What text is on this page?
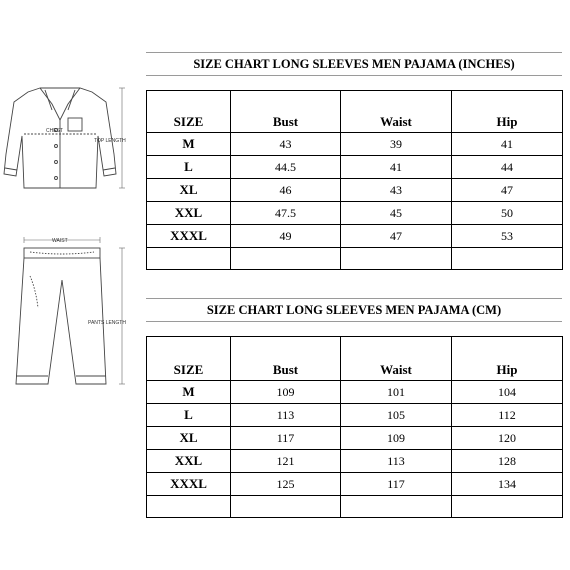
CHEST
TOP LENGTH
WAIST
PANTS LENGTH
SIZE CHART LONG SLEEVES MEN PAJAMA (INCHES)
SIZE	Bust	Waist	Hip
M	43	39	41
L	44.5	41	44
XL	46	43	47
XXL	47.5	45	50
XXXL	49	47	53

SIZE CHART LONG SLEEVES MEN PAJAMA (CM)
SIZE	Bust	Waist	Hip
M	109	101	104
L	113	105	112
XL	117	109	120
XXL	121	113	128
XXXL	125	117	134
